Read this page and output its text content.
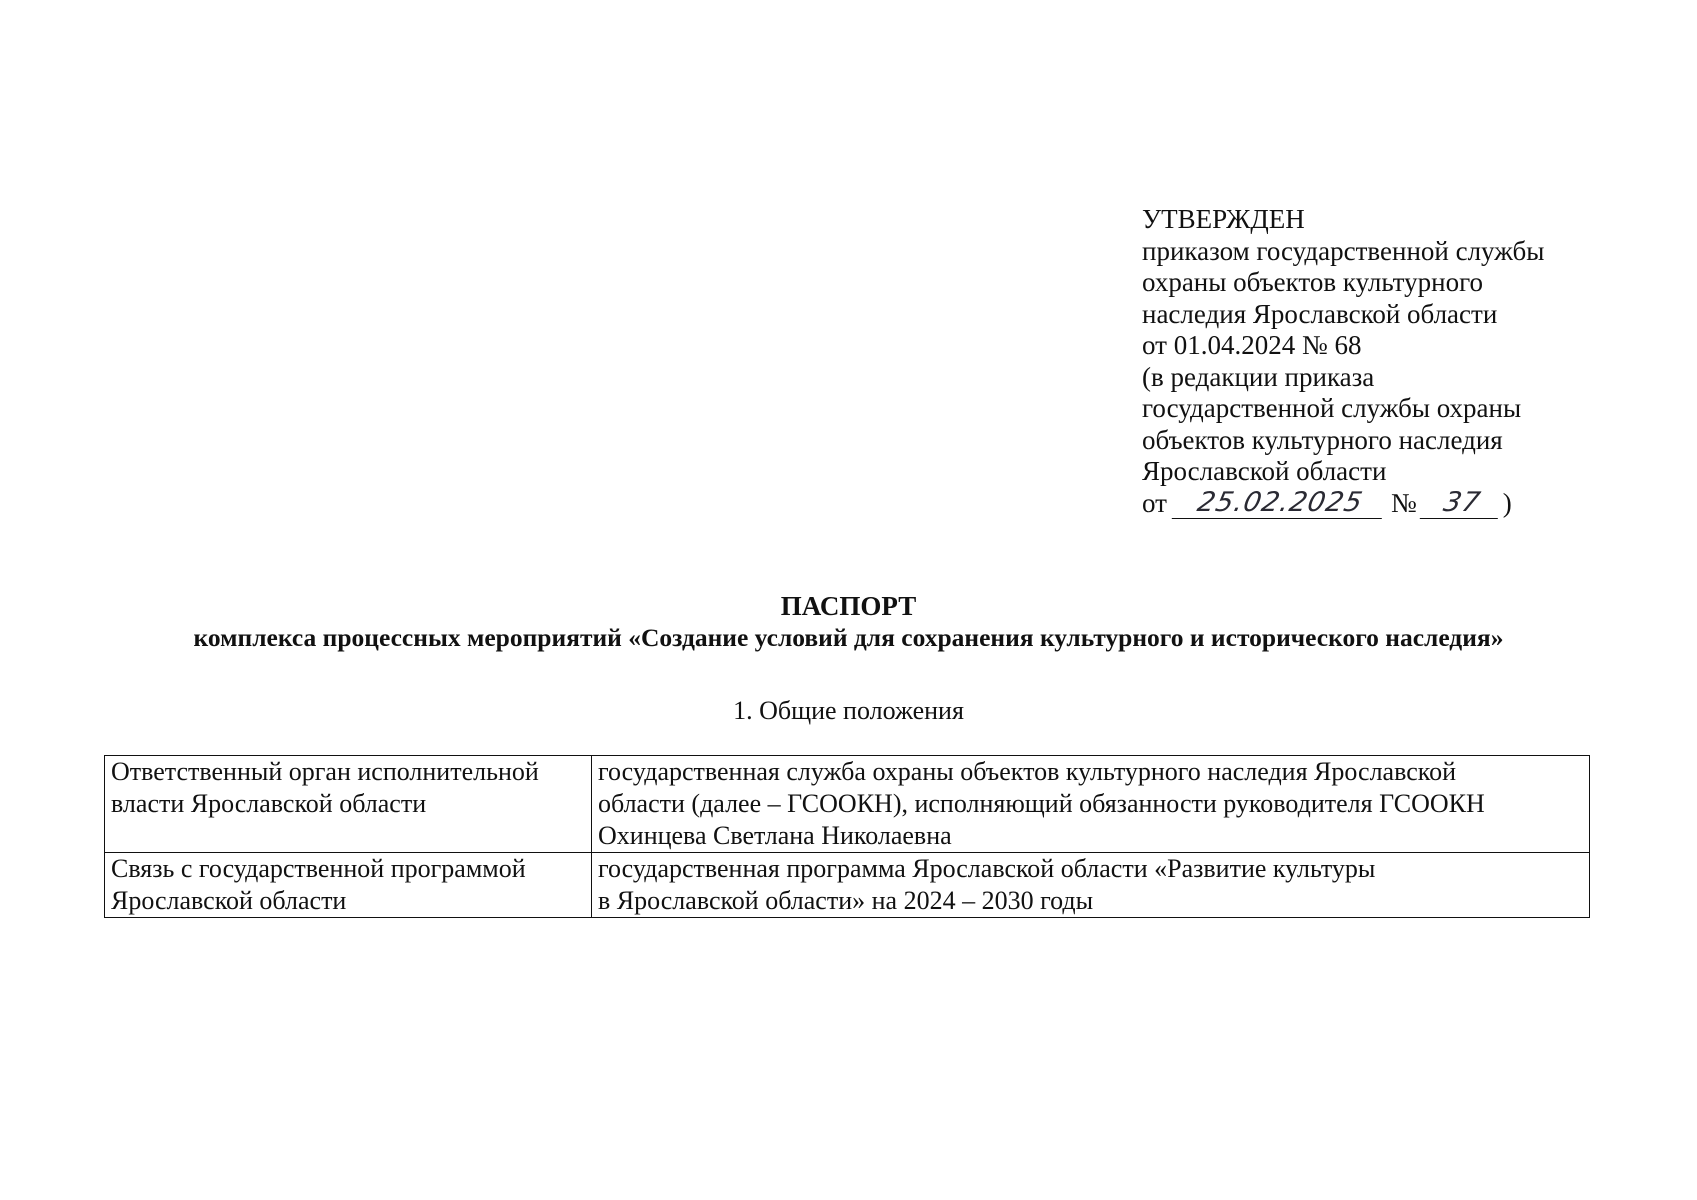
УТВЕРЖДЕН
приказом государственной службы
охраны объектов культурного
наследия Ярославской области
от 01.04.2024 № 68
(в редакции приказа
государственной службы охраны
объектов культурного наследия
Ярославской области
от	25.02.2025 № 37 )

ПАСПОРТ

комплекса процессных мероприятий «Создание условий для сохранения культурного и исторического наследия»

1. Общие положения
Ответственный орган исполнительной
власти Ярославской области	государственная служба охраны объектов культурного наследия Ярославской
области (далее – ГСООКН), исполняющий обязанности руководителя ГСООКН
Охинцева Светлана Николаевна

Связь с государственной программой
Ярославской области	государственная программа Ярославской области «Развитие культуры
в Ярославской области» на 2024 – 2030 годы
